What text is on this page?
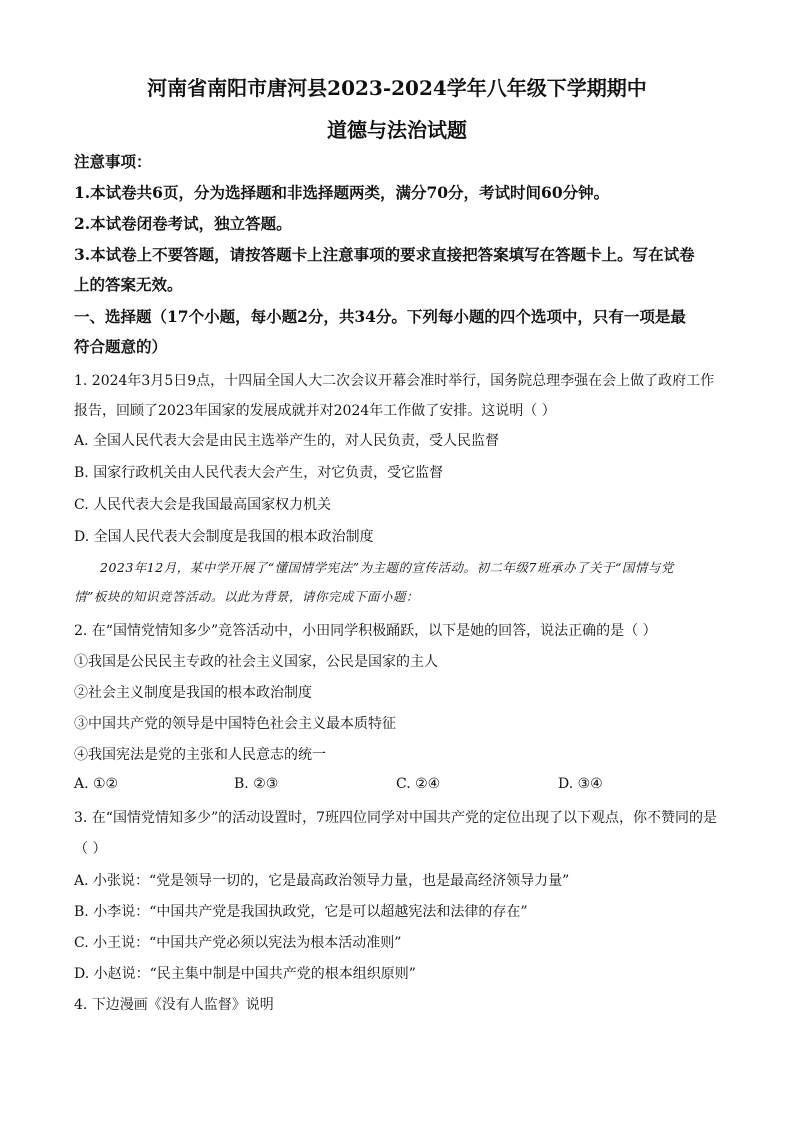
河南省南阳市唐河县2023-2024学年八年级下学期期中
道德与法治试题
注意事项：
1.本试卷共6页，分为选择题和非选择题两类，满分70分，考试时间60分钟。
2.本试卷闭卷考试，独立答题。
3.本试卷上不要答题，请按答题卡上注意事项的要求直接把答案填写在答题卡上。写在试卷
上的答案无效。
一、选择题（17个小题，每小题2分，共34分。下列每小题的四个选项中，只有一项是最
符合题意的）
1. 2024年3月5日9点，十四届全国人大二次会议开幕会准时举行，国务院总理李强在会上做了政府工作
报告，回顾了2023年国家的发展成就并对2024年工作做了安排。这说明（ ）
A. 全国人民代表大会是由民主选举产生的，对人民负责，受人民监督
B. 国家行政机关由人民代表大会产生，对它负责，受它监督
C. 人民代表大会是我国最高国家权力机关
D. 全国人民代表大会制度是我国的根本政治制度
2023年12月，某中学开展了“懂国情学宪法”为主题的宣传活动。初二年级7班承办了关于“国情与党
情”板块的知识竞答活动。以此为背景，请你完成下面小题：
2. 在“国情党情知多少”竞答活动中，小田同学积极踊跃，以下是她的回答，说法正确的是（ ）
①我国是公民民主专政的社会主义国家，公民是国家的主人
②社会主义制度是我国的根本政治制度
③中国共产党的领导是中国特色社会主义最本质特征
④我国宪法是党的主张和人民意志的统一
A. ①②	B. ②③	C. ②④	D. ③④
3. 在“国情党情知多少”的活动设置时，7班四位同学对中国共产党的定位出现了以下观点，你不赞同的是
（ ）
A. 小张说：“党是领导一切的，它是最高政治领导力量，也是最高经济领导力量”
B. 小李说：“中国共产党是我国执政党，它是可以超越宪法和法律的存在”
C. 小王说：“中国共产党必须以宪法为根本活动准则”
D. 小赵说：“民主集中制是中国共产党的根本组织原则”
4. 下边漫画《没有人监督》说明
